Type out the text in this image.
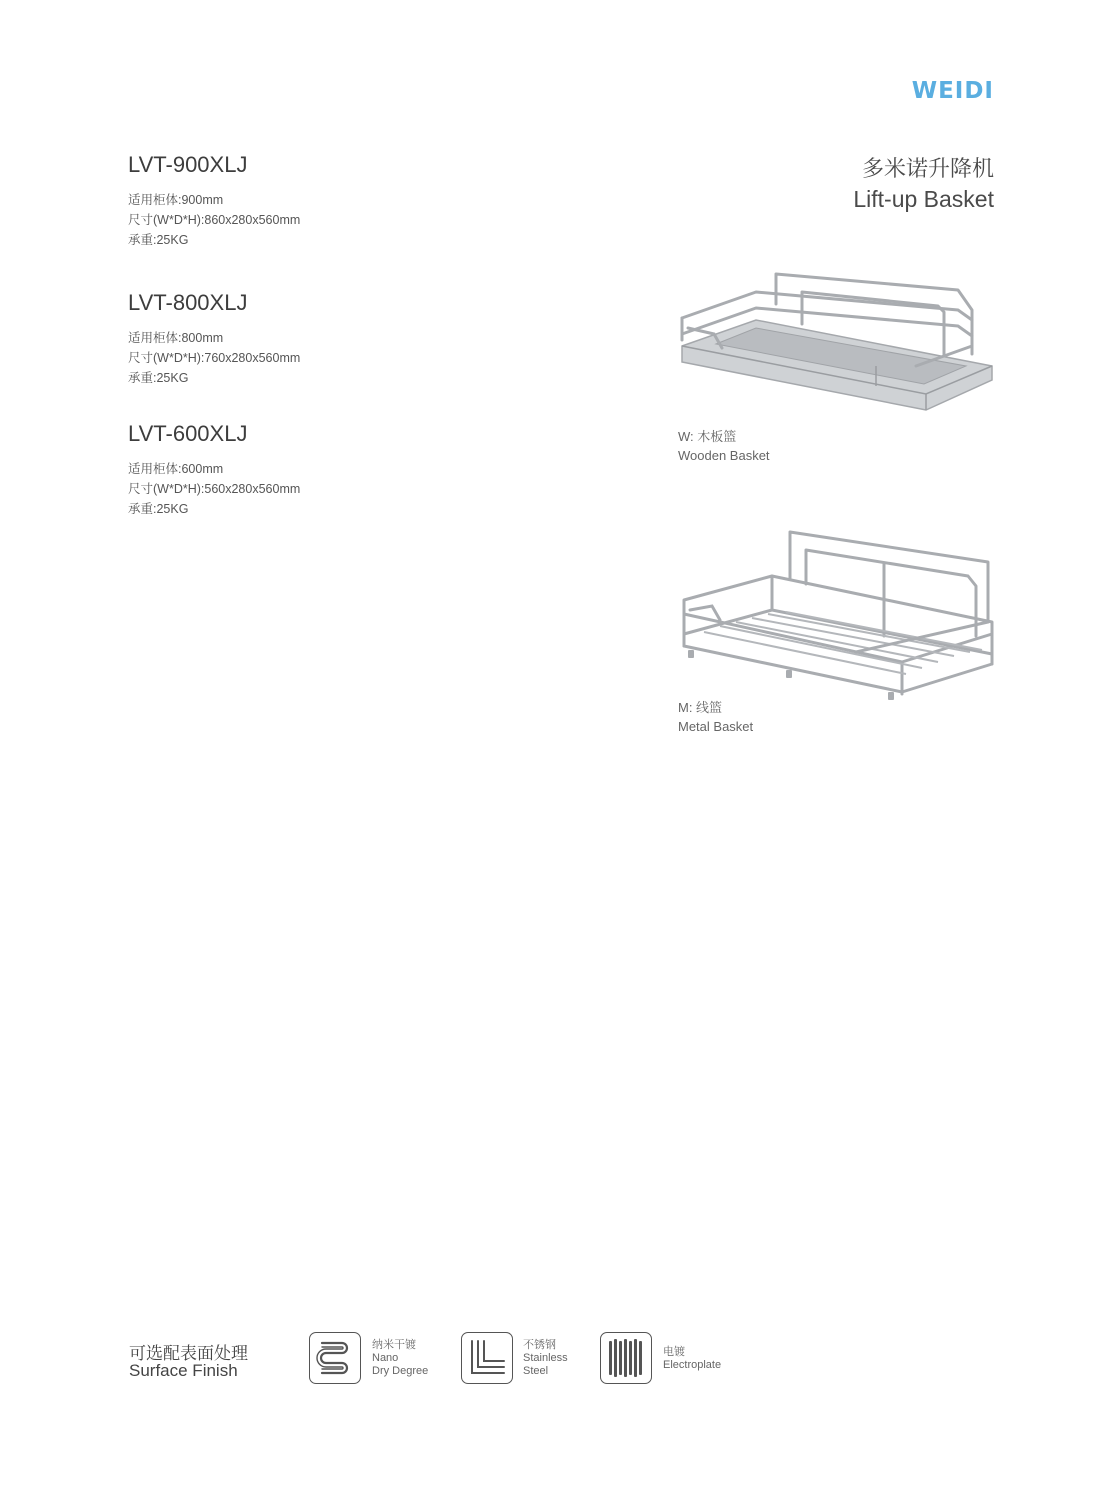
WEIDI
多米诺升降机
Lift-up Basket
LVT-900XLJ

适用柜体:900mm

尺寸(W*D*H):860x280x560mm

承重:25KG

LVT-800XLJ

适用柜体:800mm

尺寸(W*D*H):760x280x560mm

承重:25KG

LVT-600XLJ

适用柜体:600mm

尺寸(W*D*H):560x280x560mm

承重:25KG

W: 木板篮
Wooden Basket
M: 线篮
Metal Basket
可选配表面处理
Surface Finish
纳米干镀
Nano
Dry Degree
不锈钢
Stainless
Steel
电镀
Electroplate
